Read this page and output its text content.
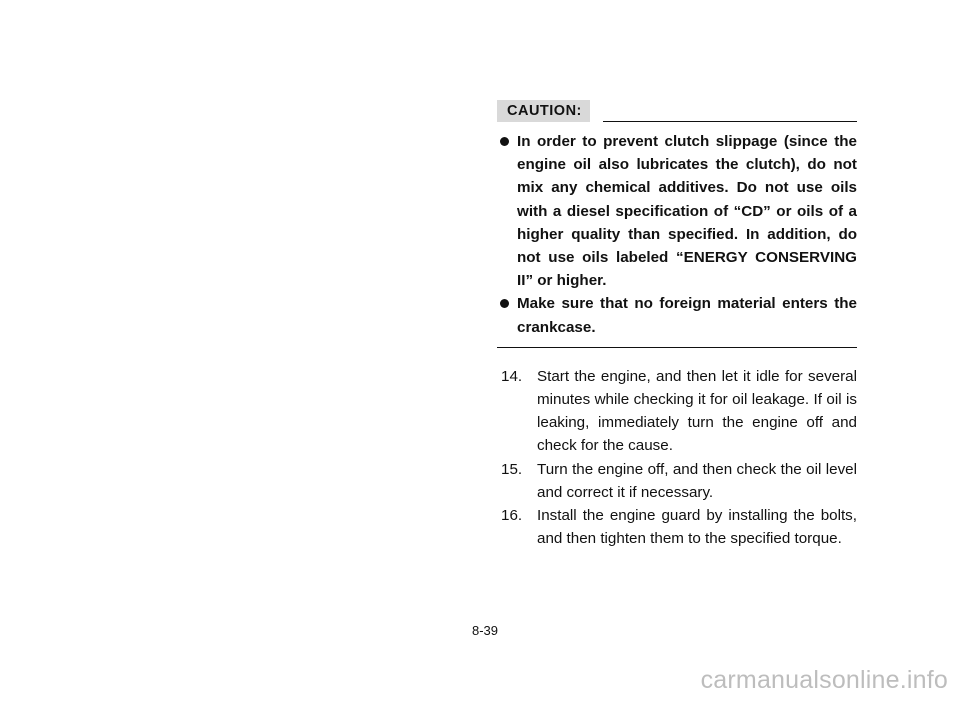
CAUTION:
In order to prevent clutch slippage (since the engine oil also lubricates the clutch), do not mix any chemical additives. Do not use oils with a diesel specification of “CD” or oils of a higher quality than specified. In addition, do not use oils labeled “ENERGY CONSERVING II” or higher.
Make sure that no foreign material enters the crankcase.
14. Start the engine, and then let it idle for several minutes while checking it for oil leakage. If oil is leaking, immediately turn the engine off and check for the cause.
15. Turn the engine off, and then check the oil level and correct it if necessary.
16. Install the engine guard by installing the bolts, and then tighten them to the specified torque.
8-39
carmanualsonline.info
